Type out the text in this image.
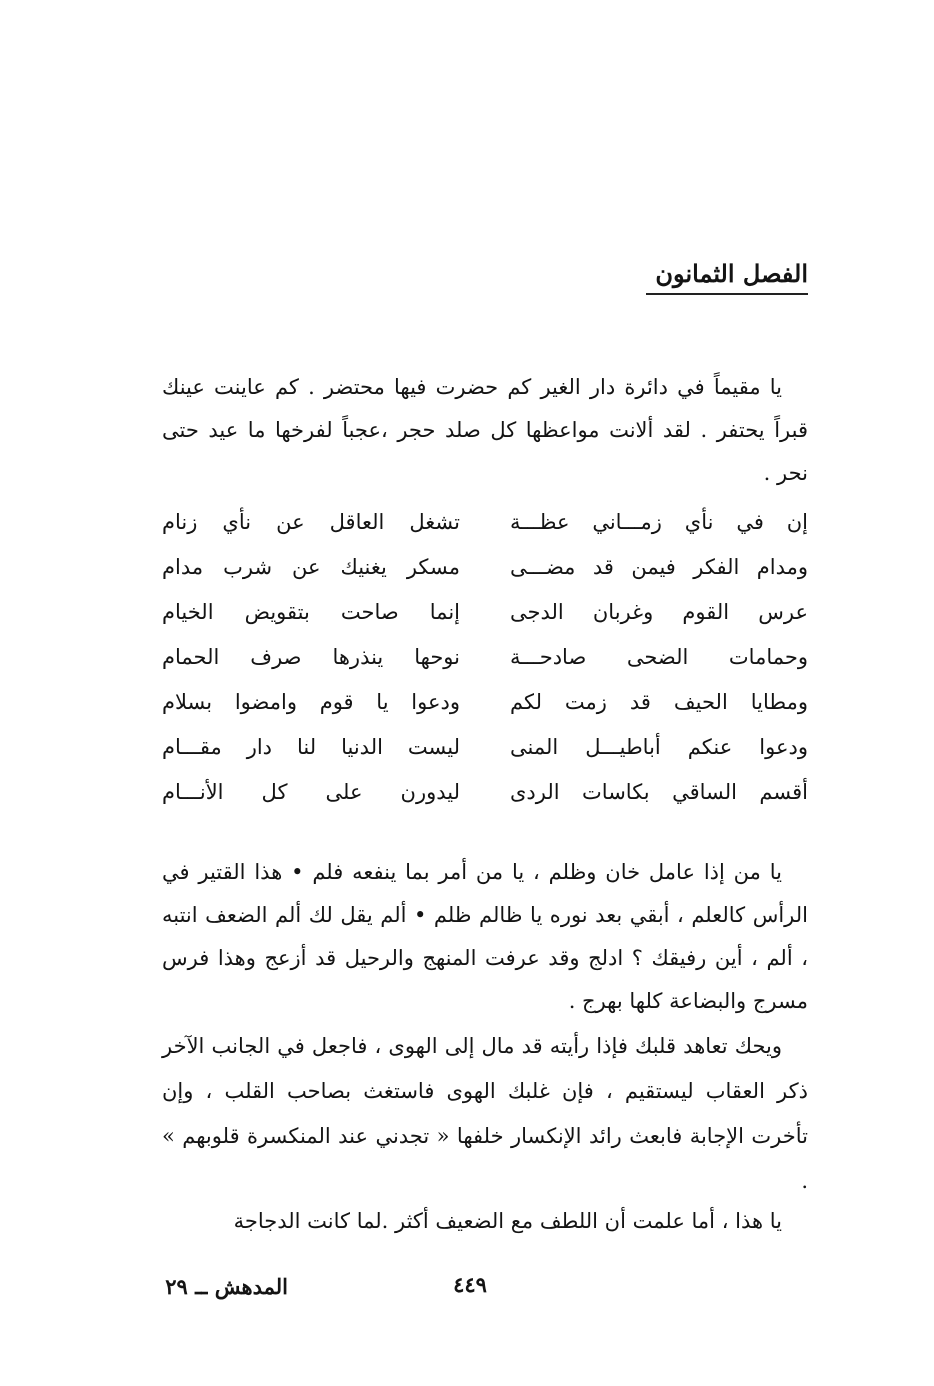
الفصل الثمانون
يا مقيماً في دائرة دار الغير كم حضرت فيها محتضر . كم عاينت عينك قبراً يحتفر . لقد ألانت مواعظها كل صلد حجر ،عجباً لفرخها ما عيد حتى نحر .
إن في نأي زمـــاني عظـــة
تشغل العاقل عن نأي زنام
ومدام الفكر فيمن قد مضـــى
مسكر يغنيك عن شرب مدام
عرس القوم وغربان الدجى
إنما صاحت بتقويض الخيام
وحمامات الضحى صادحـــة
نوحها ينذرها صرف الحمام
ومطايا الحيف قد زمت لكم
ودعوا يا قوم وامضوا بسلام
ودعوا عنكم أباطيـــل المنى
ليست الدنيا لنا دار مقـــام
أقسم الساقي بكاسات الردى
ليدورن على كل الأنـــام
يا من إذا عامل خان وظلم ، يا من أمر بما ينفعه فلم • هذا القتير في الرأس كالعلم ، أبقي بعد نوره يا ظالم ظلم • ألم يقل لك ألم الضعف انتبه ، ألم ، أين رفيقك ؟ ادلج وقد عرفت المنهج والرحيل قد أزعج وهذا فرس مسرج والبضاعة كلها بهرج .
ويحك تعاهد قلبك فإذا رأيته قد مال إلى الهوى ، فاجعل في الجانب الآخر ذكر العقاب ليستقيم ، فإن غلبك الهوى فاستغث بصاحب القلب ، وإن تأخرت الإجابة فابعث رائد الإنكسار خلفها « تجدني عند المنكسرة قلوبهم » .
يا هذا ، أما علمت أن اللطف مع الضعيف أكثر .لما كانت الدجاجة
المدهش ــ ٢٩	٤٤٩
